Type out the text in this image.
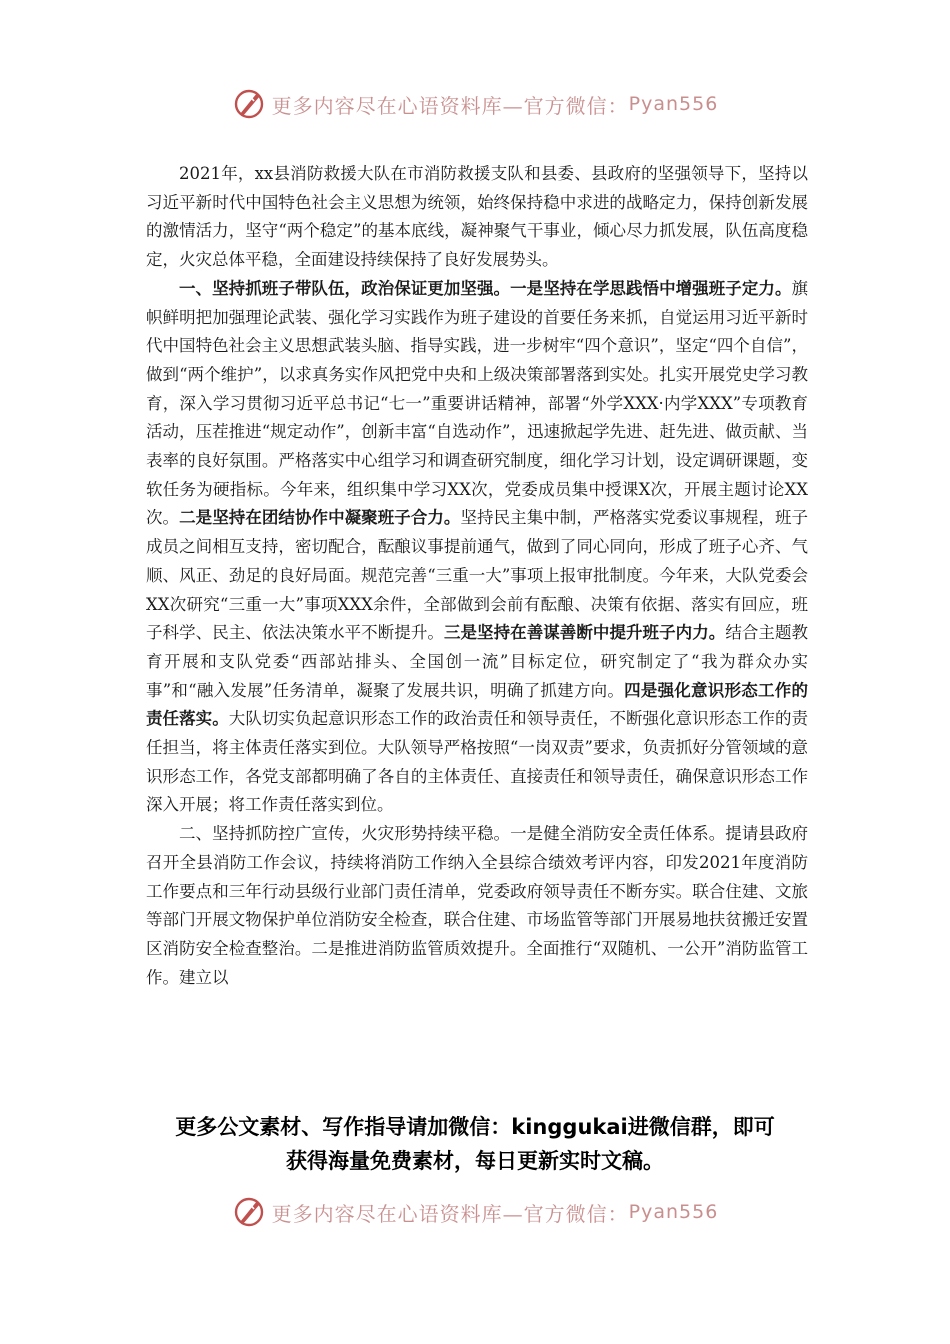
更多内容尽在心语资料库—官方微信： Pyan556

2021年，xx县消防救援大队在市消防救援支队和县委、县政府的坚强领导下，坚持以习近平新时代中国特色社会主义思想为统领，始终保持稳中求进的战略定力，保持创新发展的激情活力，坚守“两个稳定”的基本底线，凝神聚气干事业，倾心尽力抓发展，队伍高度稳定，火灾总体平稳，全面建设持续保持了良好发展势头。

一、坚持抓班子带队伍，政治保证更加坚强。一是坚持在学思践悟中增强班子定力。旗帜鲜明把加强理论武装、强化学习实践作为班子建设的首要任务来抓，自觉运用习近平新时代中国特色社会主义思想武装头脑、指导实践，进一步树牢“四个意识”，坚定“四个自信”，做到“两个维护”，以求真务实作风把党中央和上级决策部署落到实处。扎实开展党史学习教育，深入学习贯彻习近平总书记“七一”重要讲话精神，部署“外学XXX·内学XXX”专项教育活动，压茬推进“规定动作”，创新丰富“自选动作”，迅速掀起学先进、赶先进、做贡献、当表率的良好氛围。严格落实中心组学习和调查研究制度，细化学习计划，设定调研课题，变软任务为硬指标。今年来，组织集中学习XX次，党委成员集中授课X次，开展主题讨论XX次。二是坚持在团结协作中凝聚班子合力。坚持民主集中制，严格落实党委议事规程，班子成员之间相互支持，密切配合，酝酿议事提前通气，做到了同心同向，形成了班子心齐、气顺、风正、劲足的良好局面。规范完善“三重一大”事项上报审批制度。今年来，大队党委会XX次研究“三重一大”事项XXX余件，全部做到会前有酝酿、决策有依据、落实有回应，班子科学、民主、依法决策水平不断提升。三是坚持在善谋善断中提升班子内力。结合主题教育开展和支队党委“西部站排头、全国创一流”目标定位，研究制定了“我为群众办实事”和“融入发展”任务清单，凝聚了发展共识，明确了抓建方向。四是强化意识形态工作的责任落实。大队切实负起意识形态工作的政治责任和领导责任，不断强化意识形态工作的责任担当，将主体责任落实到位。大队领导严格按照“一岗双责”要求，负责抓好分管领域的意识形态工作，各党支部都明确了各自的主体责任、直接责任和领导责任，确保意识形态工作深入开展；将工作责任落实到位。

二、坚持抓防控广宣传，火灾形势持续平稳。一是健全消防安全责任体系。提请县政府召开全县消防工作会议，持续将消防工作纳入全县综合绩效考评内容，印发2021年度消防工作要点和三年行动县级行业部门责任清单，党委政府领导责任不断夯实。联合住建、文旅等部门开展文物保护单位消防安全检查，联合住建、市场监管等部门开展易地扶贫搬迁安置区消防安全检查整治。二是推进消防监管质效提升。全面推行“双随机、一公开”消防监管工作。建立以

更多公文素材、写作指导请加微信：kinggukai进微信群，即可
获得海量免费素材，每日更新实时文稿。
更多内容尽在心语资料库—官方微信： Pyan556
